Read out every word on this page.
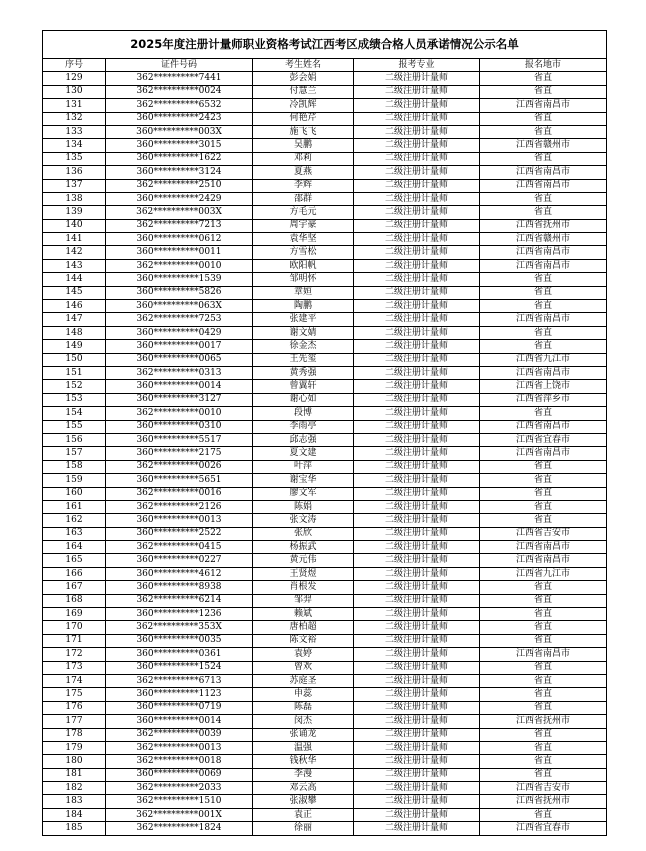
2025年度注册计量师职业资格考试江西考区成绩合格人员承诺情况公示名单
序号	证件号码	考生姓名	报考专业	报名地市
129	362**********7441	彭会娟	二级注册计量师	省直
130	362**********0024	付慧兰	二级注册计量师	省直
131	362**********6532	冷凯辉	二级注册计量师	江西省南昌市
132	360**********2423	何艳芹	二级注册计量师	省直
133	360**********003X	施飞飞	二级注册计量师	省直
134	360**********3015	吴鹏	二级注册计量师	江西省赣州市
135	360**********1622	邓莉	二级注册计量师	省直
136	360**********3124	夏燕	二级注册计量师	江西省南昌市
137	362**********2510	李辉	二级注册计量师	江西省南昌市
138	360**********2429	邵群	二级注册计量师	省直
139	362**********003X	方毛元	二级注册计量师	省直
140	362**********7213	周宇豪	二级注册计量师	江西省抚州市
141	360**********0612	袁华坚	二级注册计量师	江西省赣州市
142	360**********0011	方雪松	二级注册计量师	江西省南昌市
143	362**********0010	欧阳帆	二级注册计量师	江西省南昌市
144	360**********1539	邹明怀	二级注册计量师	省直
145	360**********5826	章姮	二级注册计量师	省直
146	360**********063X	陶鹏	二级注册计量师	省直
147	362**********7253	张建平	二级注册计量师	江西省南昌市
148	360**********0429	谢文婧	二级注册计量师	省直
149	360**********0017	徐金杰	二级注册计量师	省直
150	360**********0065	王先玺	二级注册计量师	江西省九江市
151	362**********0313	黄秀强	二级注册计量师	江西省南昌市
152	360**********0014	曾翼轩	二级注册计量师	江西省上饶市
153	360**********3127	谢心如	二级注册计量师	江西省萍乡市
154	362**********0010	段博	二级注册计量师	省直
155	360**********0310	李雨亭	二级注册计量师	江西省南昌市
156	360**********5517	邱志强	二级注册计量师	江西省宜春市
157	360**********2175	夏文建	二级注册计量师	江西省南昌市
158	362**********0026	叶萍	二级注册计量师	省直
159	360**********5651	谢宝华	二级注册计量师	省直
160	362**********0016	廖文军	二级注册计量师	省直
161	362**********2126	陈娟	二级注册计量师	省直
162	360**********0013	张文涛	二级注册计量师	省直
163	360**********2522	张欣	二级注册计量师	江西省吉安市
164	362**********0415	杨振武	二级注册计量师	江西省南昌市
165	360**********0227	黄元伟	二级注册计量师	江西省南昌市
166	360**********4612	王贤煜	二级注册计量师	江西省九江市
167	360**********8938	肖根发	二级注册计量师	省直
168	362**********6214	邹羿	二级注册计量师	省直
169	360**********1236	赖斌	二级注册计量师	省直
170	362**********353X	唐柏超	二级注册计量师	省直
171	360**********0035	陈文裕	二级注册计量师	省直
172	360**********0361	袁婷	二级注册计量师	江西省南昌市
173	360**********1524	曾欢	二级注册计量师	省直
174	362**********6713	苏庭圣	二级注册计量师	省直
175	360**********1123	申蕊	二级注册计量师	省直
176	360**********0719	陈磊	二级注册计量师	省直
177	360**********0014	闵杰	二级注册计量师	江西省抚州市
178	362**********0039	张诵龙	二级注册计量师	省直
179	362**********0013	温强	二级注册计量师	省直
180	362**********0018	钱秋华	二级注册计量师	省直
181	360**********0069	李漫	二级注册计量师	省直
182	362**********2033	邓云高	二级注册计量师	江西省吉安市
183	362**********1510	张淑攀	二级注册计量师	江西省抚州市
184	362**********001X	袁正	二级注册计量师	省直
185	362**********1824	徐丽	二级注册计量师	江西省宜春市
